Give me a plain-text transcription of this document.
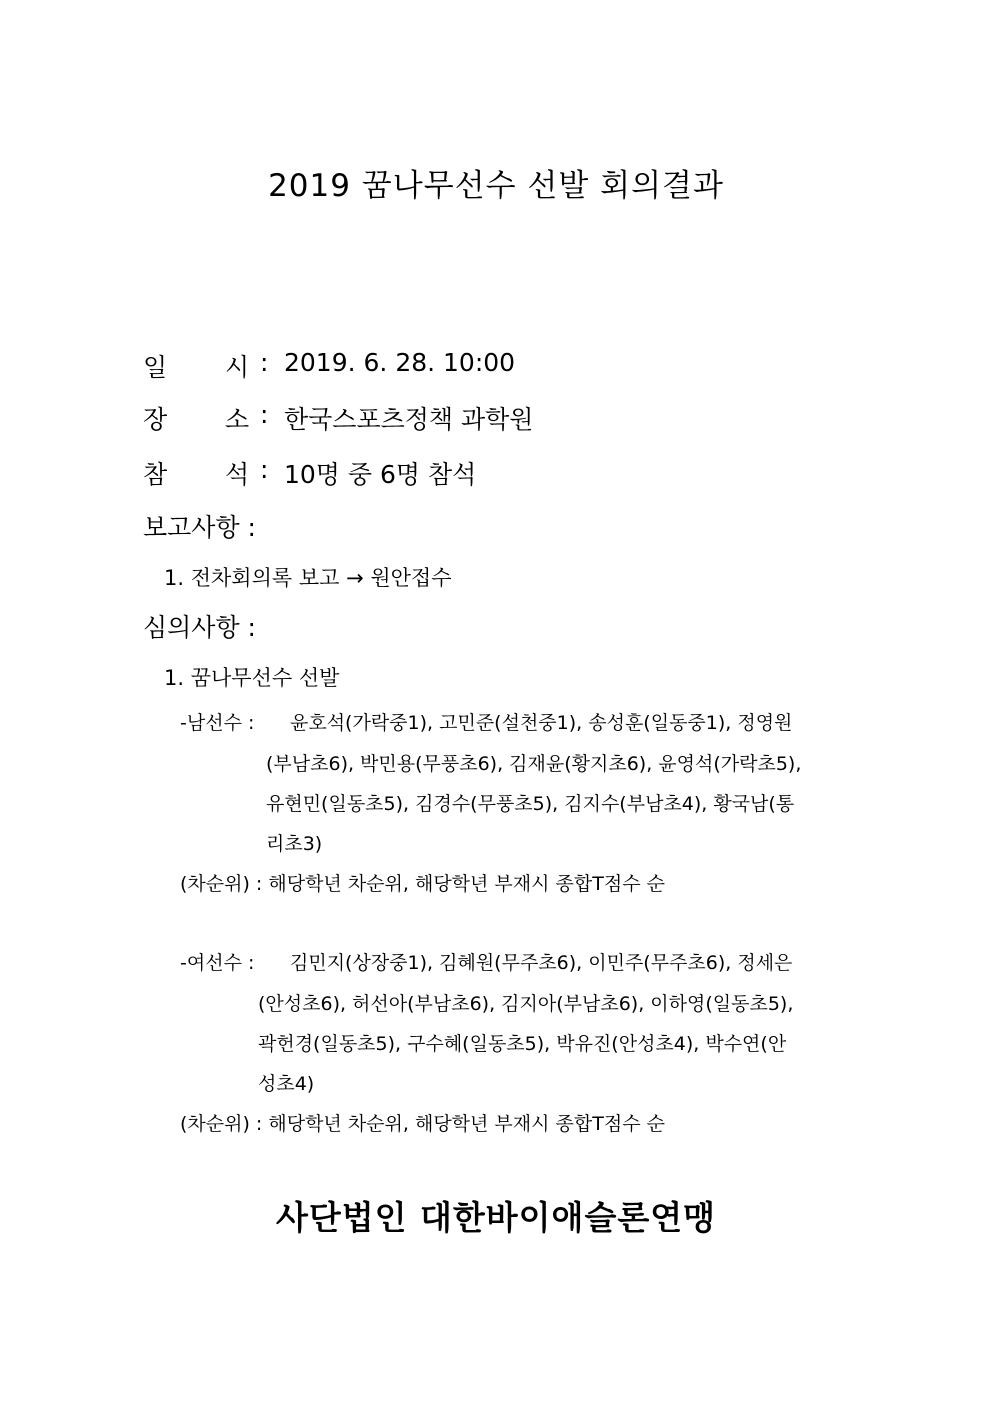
2019 꿈나무선수 선발 회의결과
일 시 : 2019. 6. 28. 10:00
장 소 : 한국스포츠정책 과학원
참 석 : 10명 중 6명 참석
보고사항 :
1. 전차회의록 보고 → 원안접수
심의사항 :
1. 꿈나무선수 선발
-남선수 : 윤호석(가락중1), 고민준(설천중1), 송성훈(일동중1), 정영원
(부남초6), 박민용(무풍초6), 김재윤(황지초6), 윤영석(가락초5),
유현민(일동초5), 김경수(무풍초5), 김지수(부남초4), 황국남(통
리초3)
(차순위) : 해당학년 차순위, 해당학년 부재시 종합T점수 순
-여선수 : 김민지(상장중1), 김혜원(무주초6), 이민주(무주초6), 정세은
(안성초6), 허선아(부남초6), 김지아(부남초6), 이하영(일동초5),
곽헌경(일동초5), 구수혜(일동초5), 박유진(안성초4), 박수연(안
성초4)
(차순위) : 해당학년 차순위, 해당학년 부재시 종합T점수 순
사단법인 대한바이애슬론연맹
